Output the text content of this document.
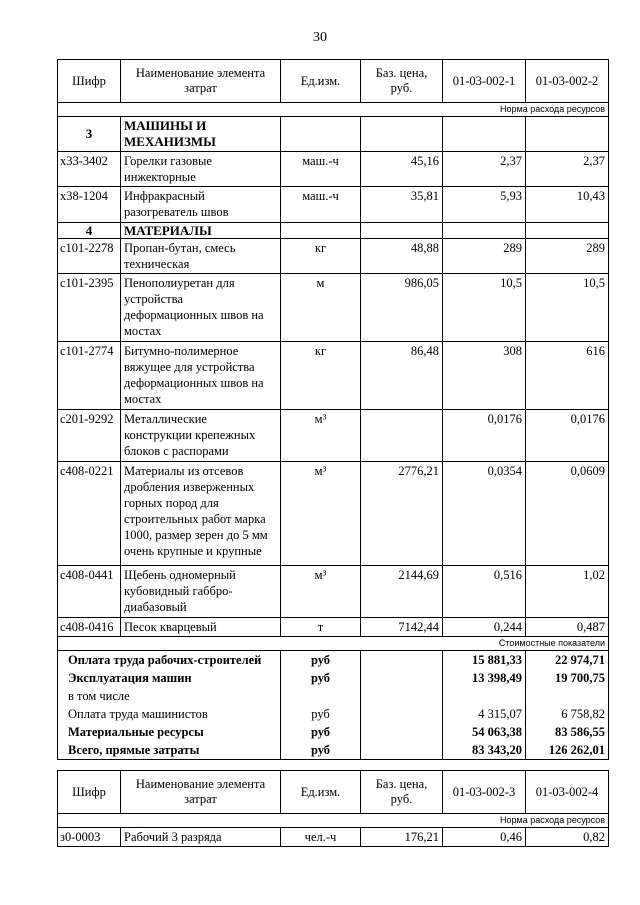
30
Шифр	Наименование элемента затрат	Ед.изм.	Баз. цена, руб.	01-03-002-1	01-03-002-2
Норма расхода ресурсов					
3	МАШИНЫ И МЕХАНИЗМЫ				
х33-3402	Горелки газовые инжекторные	маш.-ч	45,16	2,37	2,37
х38-1204	Инфракрасный разогреватель швов	маш.-ч	35,81	5,93	10,43
4	МАТЕРИАЛЫ				
с101-2278	Пропан-бутан, смесь техническая	кг	48,88	289	289
с101-2395	Пенополиуретан для устройства деформационных швов на мостах	м	986,05	10,5	10,5
с101-2774	Битумно-полимерное вяжущее для устройства деформационных швов на мостах	кг	86,48	308	616
с201-9292	Металлические конструкции крепежных блоков с распорами	м³		0,0176	0,0176
с408-0221	Материалы из отсевов дробления изверженных горных пород для строительных работ марка 1000, размер зерен до 5 мм очень крупные и крупные	м³	2776,21	0,0354	0,0609
с408-0441	Щебень одномерный кубовидный габбро-диабазовый	м³	2144,69	0,516	1,02
с408-0416	Песок кварцевый	т	7142,44	0,244	0,487
Стоимостные показатели					
Оплата труда рабочих-строителей		руб		15 881,33	22 974,71
Эксплуатация машин		руб		13 398,49	19 700,75
в том числе					
Оплата труда машинистов		руб		4 315,07	6 758,82
Материальные ресурсы		руб		54 063,38	83 586,55
Всего, прямые затраты		руб		83 343,20	126 262,01
Шифр	Наименование элемента затрат	Ед.изм.	Баз. цена, руб.	01-03-002-3	01-03-002-4
Норма расхода ресурсов					
з0-0003	Рабочий 3 разряда	чел.-ч	176,21	0,46	0,82
